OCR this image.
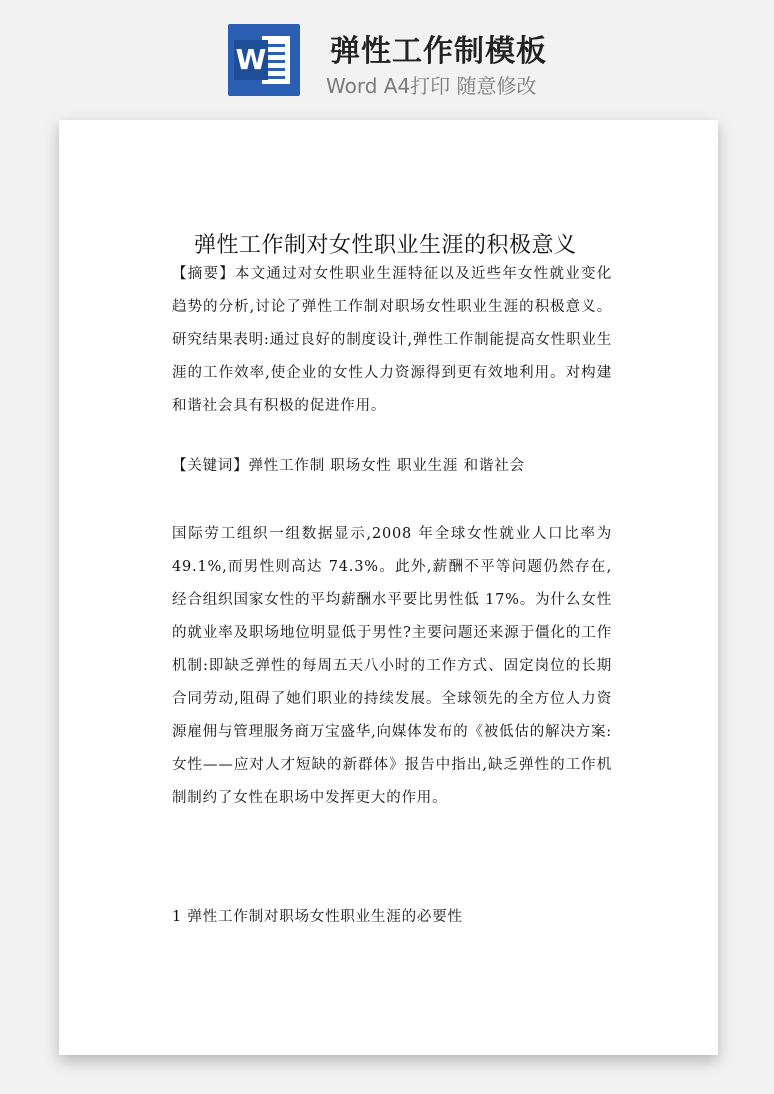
W 弹性工作制模板
Word A4打印 随意修改
弹性工作制对女性职业生涯的积极意义
【摘要】本文通过对女性职业生涯特征以及近些年女性就业变化趋势的分析,讨论了弹性工作制对职场女性职业生涯的积极意义。研究结果表明:通过良好的制度设计,弹性工作制能提高女性职业生涯的工作效率,使企业的女性人力资源得到更有效地利用。对构建和谐社会具有积极的促进作用。
【关键词】弹性工作制 职场女性 职业生涯 和谐社会
国际劳工组织一组数据显示,2008 年全球女性就业人口比率为 49.1%,而男性则高达 74.3%。此外,薪酬不平等问题仍然存在,经合组织国家女性的平均薪酬水平要比男性低 17%。为什么女性的就业率及职场地位明显低于男性?主要问题还来源于僵化的工作机制:即缺乏弹性的每周五天八小时的工作方式、固定岗位的长期合同劳动,阻碍了她们职业的持续发展。全球领先的全方位人力资源雇佣与管理服务商万宝盛华,向媒体发布的《被低估的解决方案:女性——应对人才短缺的新群体》报告中指出,缺乏弹性的工作机制制约了女性在职场中发挥更大的作用。
1 弹性工作制对职场女性职业生涯的必要性
